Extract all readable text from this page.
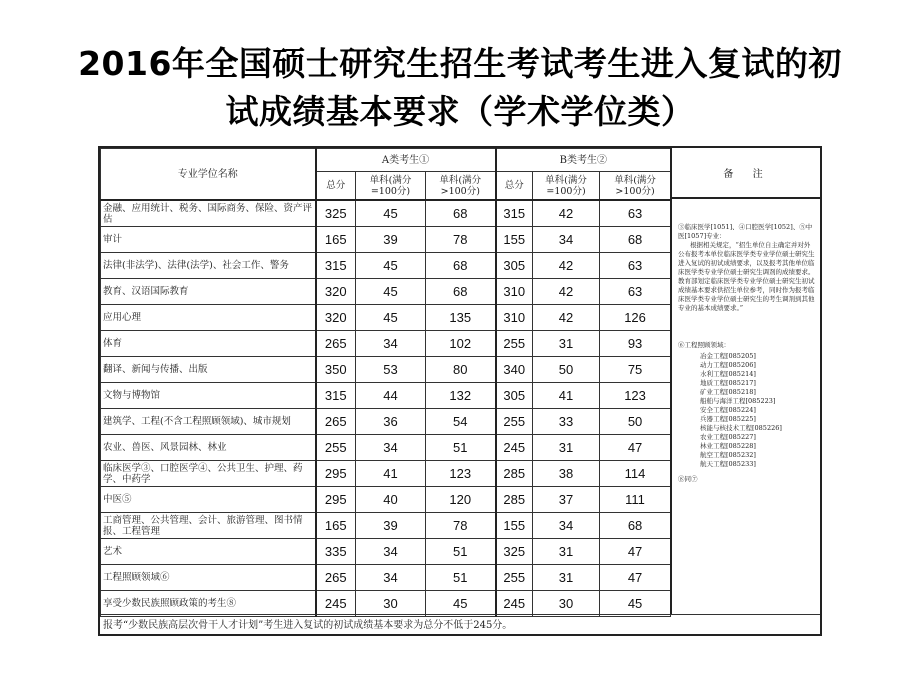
2016年全国硕士研究生招生考试考生进入复试的初
试成绩基本要求（学术学位类）
专业学位名称	A类考生①			B类考生②		
	总分	单科(满分=100分)	单科(满分>100分)	总分	单科(满分=100分)	单科(满分>100分)
金融、应用统计、税务、国际商务、保险、资产评估	325	45	68	315	42	63
审计	165	39	78	155	34	68
法律(非法学)、法律(法学)、社会工作、警务	315	45	68	305	42	63
教育、汉语国际教育	320	45	68	310	42	63
应用心理	320	45	135	310	42	126
体育	265	34	102	255	31	93
翻译、新闻与传播、出版	350	53	80	340	50	75
文物与博物馆	315	44	132	305	41	123
建筑学、工程(不含工程照顾领域)、城市规划	265	36	54	255	33	50
农业、兽医、风景园林、林业	255	34	51	245	31	47
临床医学③、口腔医学④、公共卫生、护理、药学、中药学	295	41	123	285	38	114
中医⑤	295	40	120	285	37	111
工商管理、公共管理、会计、旅游管理、图书情报、工程管理	165	39	78	155	34	68
艺术	335	34	51	325	31	47
工程照顾领域⑥	265	34	51	255	31	47
享受少数民族照顾政策的考生⑧	245	30	45	245	30	45
备 注

③临床医学[1051]、④口腔医学[1052]、⑤中医[1057]专业：

根据相关规定，“招生单位自主确定并对外公布报考本单位临床医学类专业学位硕士研究生进入复试的初试成绩要求，以及报考其他单位临床医学类专业学位硕士研究生调剂的成绩要求。教育部划定临床医学类专业学位硕士研究生初试成绩基本要求供招生单位参考，同时作为报考临床医学类专业学位硕士研究生的考生调剂到其他专业的基本成绩要求。”

⑥工程照顾领域：

冶金工程[085205]
动力工程[085206]
水利工程[085214]
地质工程[085217]
矿业工程[085218]
船舶与海洋工程[085223]
安全工程[085224]
兵器工程[085225]
核能与核技术工程[085226]
农业工程[085227]
林业工程[085228]
航空工程[085232]
航天工程[085233]

⑧同⑦

报考“少数民族高层次骨干人才计划”考生进入复试的初试成绩基本要求为总分不低于245分。
